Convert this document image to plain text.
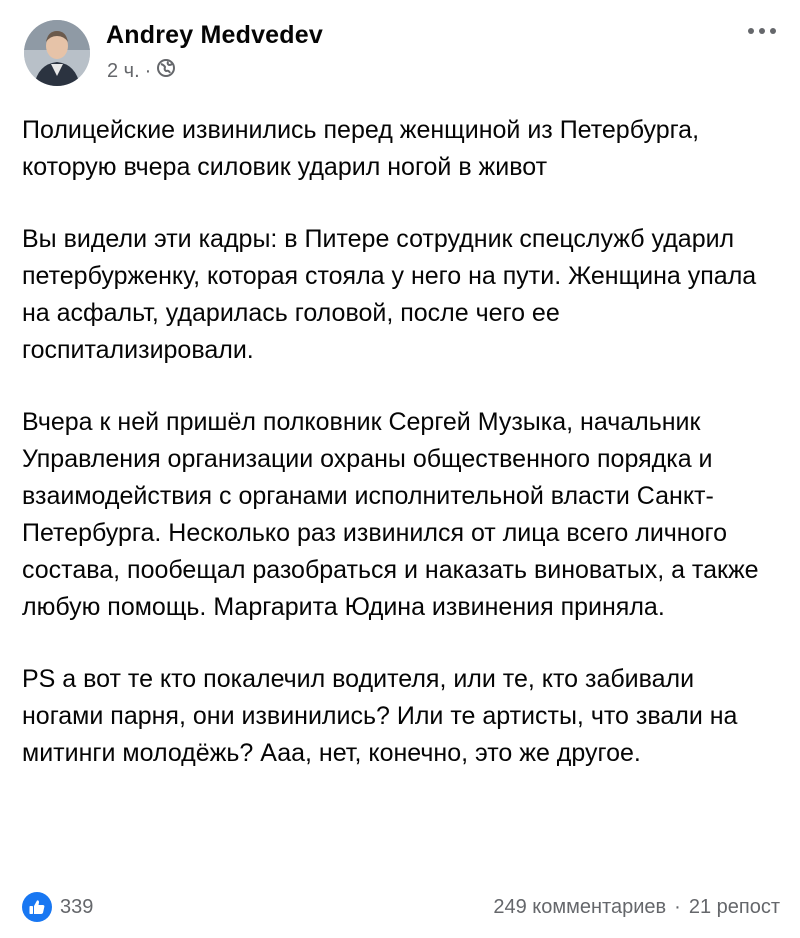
Andrey Medvedev
2 ч. ·

Полицейские извинились перед женщиной из Петербурга, которую вчера силовик ударил ногой в живот

Вы видели эти кадры: в Питере сотрудник спецслужб ударил петербурженку, которая стояла у него на пути. Женщина упала на асфальт, ударилась головой, после чего ее госпитализировали.

Вчера к ней пришёл полковник Сергей Музыка, начальник Управления организации охраны общественного порядка и взаимодействия с органами исполнительной власти Санкт-Петербурга. Несколько раз извинился от лица всего личного состава, пообещал разобраться и наказать виноватых, а также любую помощь. Маргарита Юдина извинения приняла.

PS а вот те кто покалечил водителя, или те, кто забивали ногами парня, они извинились? Или те артисты, что звали на митинги молодёжь? Ааа, нет, конечно, это же другое.

339	249 комментариев · 21 репост
